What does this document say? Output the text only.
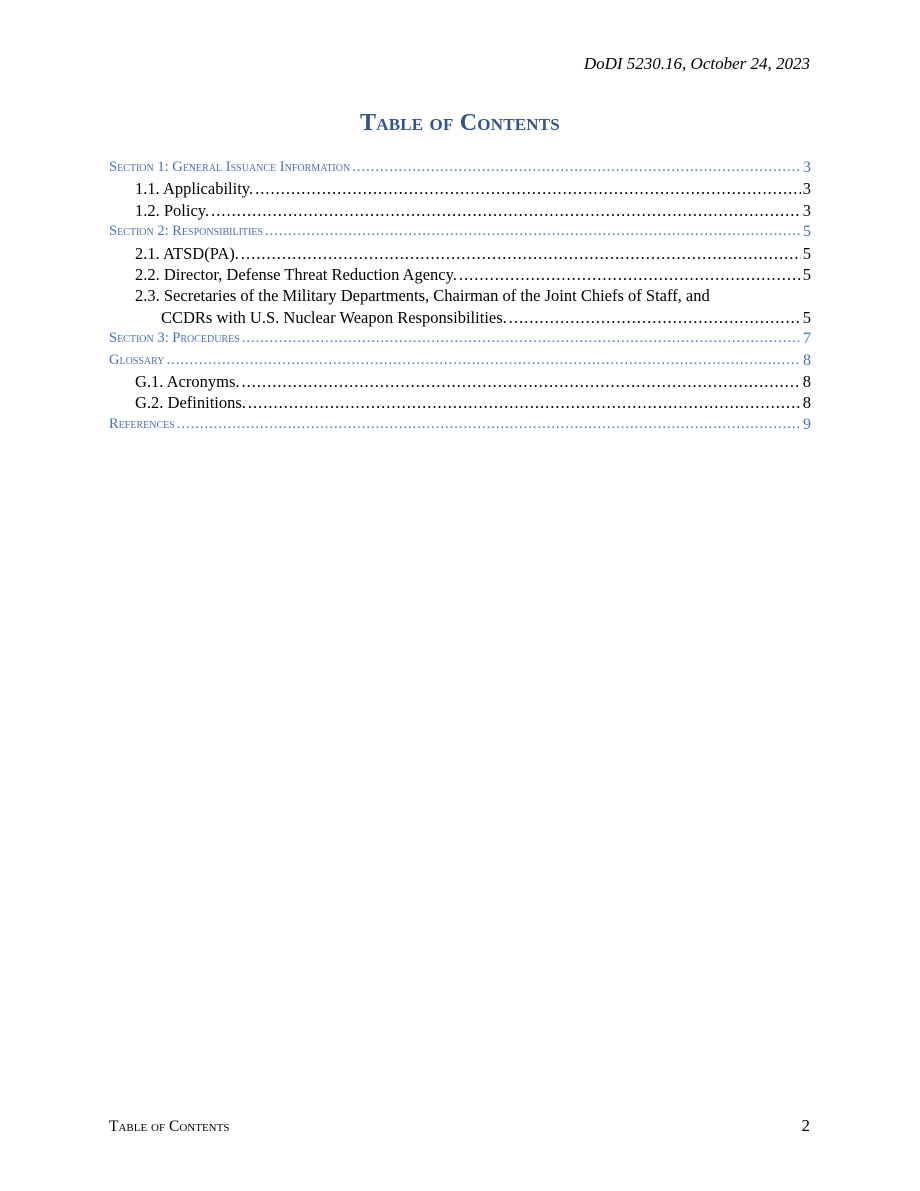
DoDI 5230.16, October 24, 2023
Table of Contents
Section 1: General Issuance Information .....	3
1.1. Applicability. .....	3
1.2. Policy. .....	3
Section 2: Responsibilities .....	5
2.1. ATSD(PA). .....	5
2.2. Director, Defense Threat Reduction Agency. .....	5
2.3. Secretaries of the Military Departments, Chairman of the Joint Chiefs of Staff, and
CCDRs with U.S. Nuclear Weapon Responsibilities. .....	5
Section 3: Procedures .....	7
Glossary .....	8
G.1. Acronyms. .....	8
G.2. Definitions. .....	8
References .....	9
Table of Contents	2
